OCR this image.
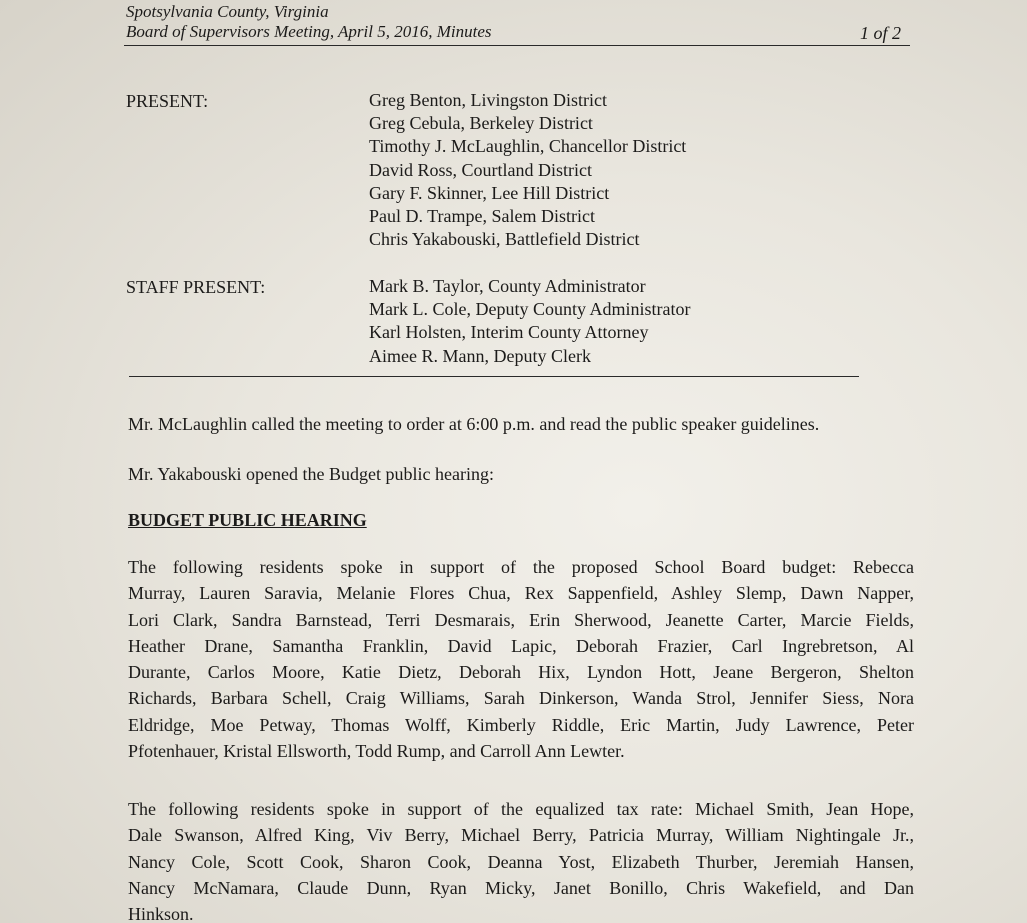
Spotsylvania County, Virginia
Board of Supervisors Meeting, April 5, 2016, Minutes	1 of 2
PRESENT:	Greg Benton, Livingston District
Greg Cebula, Berkeley District
Timothy J. McLaughlin, Chancellor District
David Ross, Courtland District
Gary F. Skinner, Lee Hill District
Paul D. Trampe, Salem District
Chris Yakabouski, Battlefield District
STAFF PRESENT:	Mark B. Taylor, County Administrator
Mark L. Cole, Deputy County Administrator
Karl Holsten, Interim County Attorney
Aimee R. Mann, Deputy Clerk
Mr. McLaughlin called the meeting to order at 6:00 p.m. and read the public speaker guidelines.
Mr. Yakabouski opened the Budget public hearing:
BUDGET PUBLIC HEARING
The following residents spoke in support of the proposed School Board budget: Rebecca
Murray, Lauren Saravia, Melanie Flores Chua, Rex Sappenfield, Ashley Slemp, Dawn Napper,
Lori Clark, Sandra Barnstead, Terri Desmarais, Erin Sherwood, Jeanette Carter, Marcie Fields,
Heather Drane, Samantha Franklin, David Lapic, Deborah Frazier, Carl Ingrebretson, Al
Durante, Carlos Moore, Katie Dietz, Deborah Hix, Lyndon Hott, Jeane Bergeron, Shelton
Richards, Barbara Schell, Craig Williams, Sarah Dinkerson, Wanda Strol, Jennifer Siess, Nora
Eldridge, Moe Petway, Thomas Wolff, Kimberly Riddle, Eric Martin, Judy Lawrence, Peter
Pfotenhauer, Kristal Ellsworth, Todd Rump, and Carroll Ann Lewter.
The following residents spoke in support of the equalized tax rate: Michael Smith, Jean Hope,
Dale Swanson, Alfred King, Viv Berry, Michael Berry, Patricia Murray, William Nightingale Jr.,
Nancy Cole, Scott Cook, Sharon Cook, Deanna Yost, Elizabeth Thurber, Jeremiah Hansen,
Nancy McNamara, Claude Dunn, Ryan Micky, Janet Bonillo, Chris Wakefield, and Dan
Hinkson.
